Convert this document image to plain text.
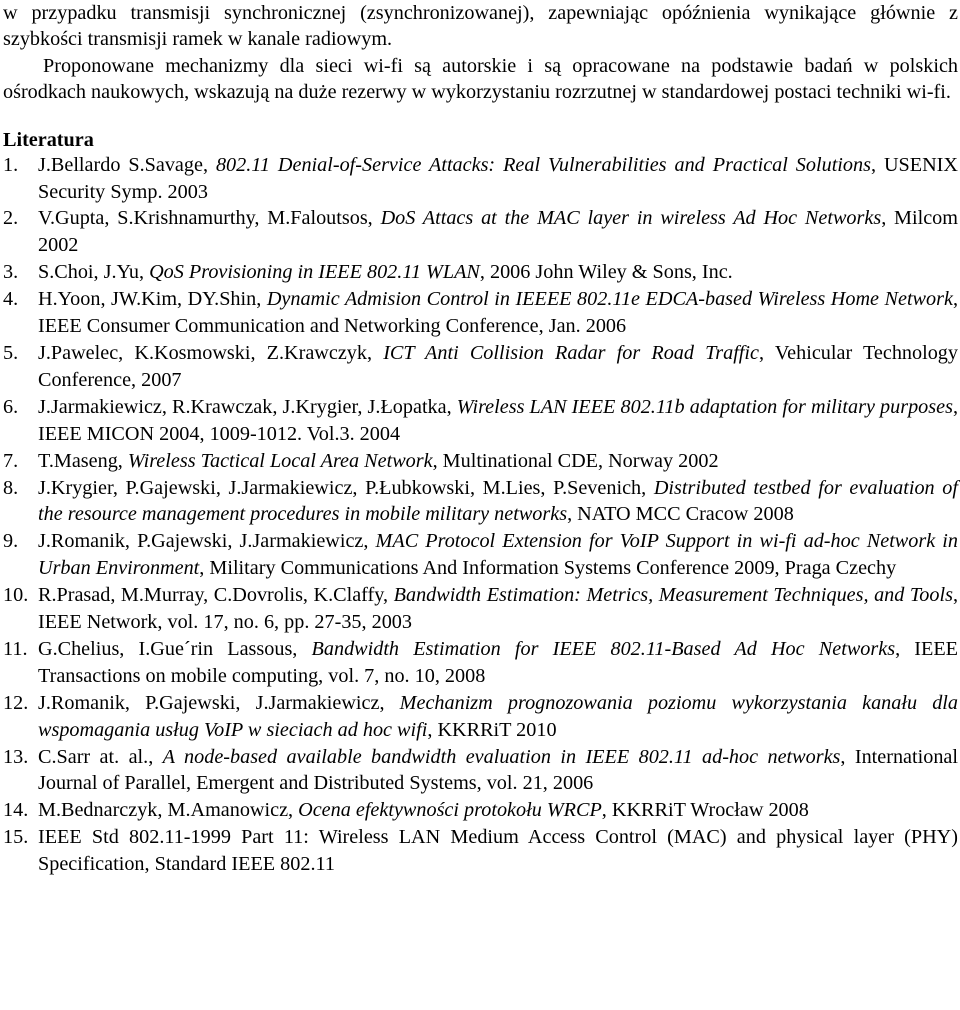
w przypadku transmisji synchronicznej (zsynchronizowanej), zapewniając opóźnienia wynikające głównie z szybkości transmisji ramek w kanale radiowym.

Proponowane mechanizmy dla sieci wi-fi są autorskie i są opracowane na podstawie badań w polskich ośrodkach naukowych, wskazują na duże rezerwy w wykorzystaniu rozrzutnej w standardowej postaci techniki wi-fi.

Literatura
1. J.Bellardo S.Savage, 802.11 Denial-of-Service Attacks: Real Vulnerabilities and Practical Solutions, USENIX Security Symp. 2003
2. V.Gupta, S.Krishnamurthy, M.Faloutsos, DoS Attacs at the MAC layer in wireless Ad Hoc Networks, Milcom 2002
3. S.Choi, J.Yu, QoS Provisioning in IEEE 802.11 WLAN, 2006 John Wiley & Sons, Inc.
4. H.Yoon, JW.Kim, DY.Shin, Dynamic Admision Control in IEEEE 802.11e EDCA-based Wireless Home Network, IEEE Consumer Communication and Networking Conference, Jan. 2006
5. J.Pawelec, K.Kosmowski, Z.Krawczyk, ICT Anti Collision Radar for Road Traffic, Vehicular Technology Conference, 2007
6. J.Jarmakiewicz, R.Krawczak, J.Krygier, J.Łopatka, Wireless LAN IEEE 802.11b adaptation for military purposes, IEEE MICON 2004, 1009-1012. Vol.3. 2004
7. T.Maseng, Wireless Tactical Local Area Network, Multinational CDE, Norway 2002
8. J.Krygier, P.Gajewski, J.Jarmakiewicz, P.Łubkowski, M.Lies, P.Sevenich, Distributed testbed for evaluation of the resource management procedures in mobile military networks, NATO MCC Cracow 2008
9. J.Romanik, P.Gajewski, J.Jarmakiewicz, MAC Protocol Extension for VoIP Support in wi-fi ad-hoc Network in Urban Environment, Military Communications And Information Systems Conference 2009, Praga Czechy
10. R.Prasad, M.Murray, C.Dovrolis, K.Claffy, Bandwidth Estimation: Metrics, Measurement Techniques, and Tools, IEEE Network, vol. 17, no. 6, pp. 27-35, 2003
11. G.Chelius, I.Gue´rin Lassous, Bandwidth Estimation for IEEE 802.11-Based Ad Hoc Networks, IEEE Transactions on mobile computing, vol. 7, no. 10, 2008
12. J.Romanik, P.Gajewski, J.Jarmakiewicz, Mechanizm prognozowania poziomu wykorzystania kanału dla wspomagania usług VoIP w sieciach ad hoc wifi, KKRRiT 2010
13. C.Sarr at. al., A node-based available bandwidth evaluation in IEEE 802.11 ad-hoc networks, International Journal of Parallel, Emergent and Distributed Systems, vol. 21, 2006
14. M.Bednarczyk, M.Amanowicz, Ocena efektywności protokołu WRCP, KKRRiT Wrocław 2008
15. IEEE Std 802.11-1999 Part 11: Wireless LAN Medium Access Control (MAC) and physical layer (PHY) Specification, Standard IEEE 802.11
